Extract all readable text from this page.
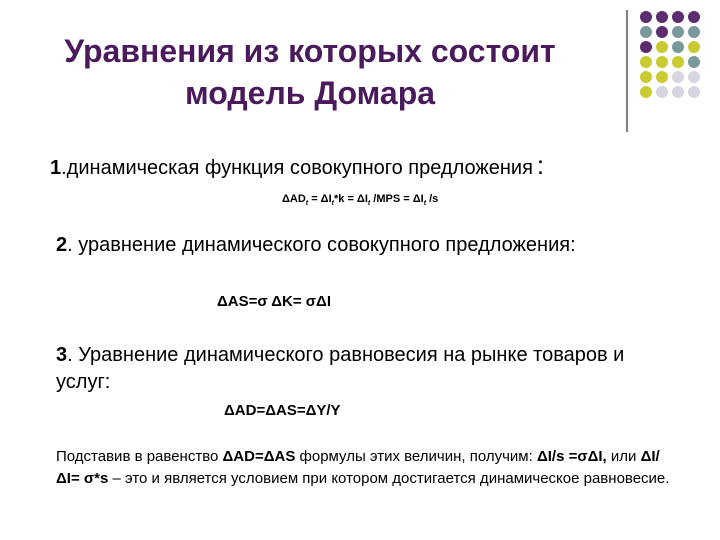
Уравнения из которых состоит
модель Домара
1.динамическая функция совокупного предложения :
$\Delta AD_t = \Delta I_t*k = \Delta I_t$ $/MPS = \Delta I_t$ /s
2. уравнение динамического совокупного предложения:
ΔAS=σ ΔK= σΔI
3. Уравнение динамического равновесия на рынке товаров и услуг:
ΔAD=ΔAS=ΔY/Y
Подставив в равенство ΔAD=ΔAS формулы этих величин, получим: ΔI/s =σΔI, или ΔI/ΔI= σ*s – это и является условием при котором достигается динамическое равновесие.
